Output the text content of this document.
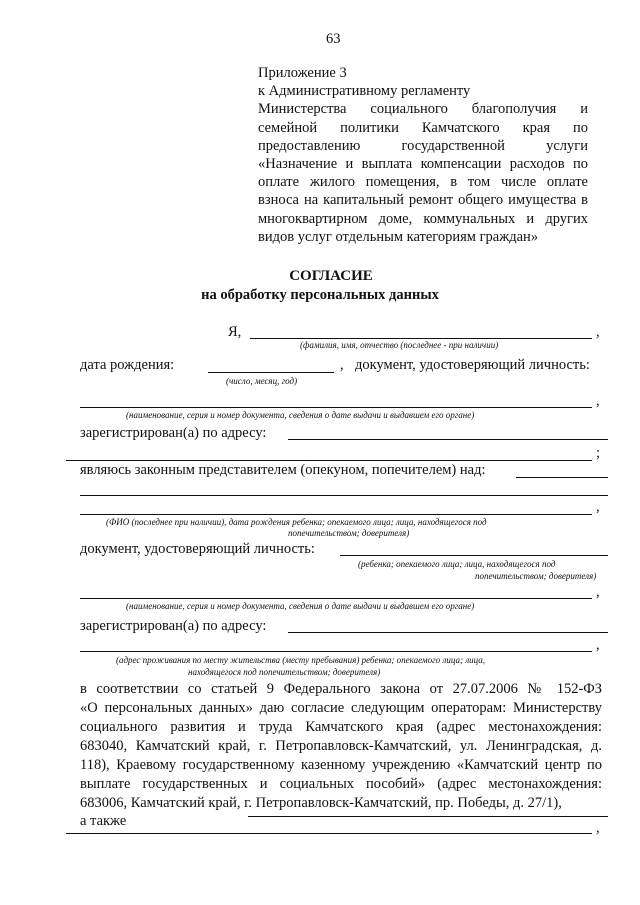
63
Приложение 3
к Административному регламенту
Министерства социального благополучия и
семейной политики Камчатского края по
предоставлению государственной услуги
«Назначение и выплата компенсации расходов по
оплате жилого помещения, в том числе оплате
взноса на капитальный ремонт общего имущества в
многоквартирном доме, коммунальных и других
видов услуг отдельным категориям граждан»
СОГЛАСИЕ
на обработку персональных данных
Я,	,
(фамилия, имя, отчество (последнее - при наличии)
дата рождения:	, документ, удостоверяющий личность:
(число, месяц, год)
,
(наименование, серия и номер документа, сведения о дате выдачи и выдавшем его органе)
зарегистрирован(а) по адресу:
;
являюсь законным представителем (опекуном, попечителем) над:
,
(ФИО (последнее при наличии), дата рождения ребенка; опекаемого лица; лица, находящегося под
попечительством; доверителя)
документ, удостоверяющий личность:
(ребенка; опекаемого лица; лица, находящегося под
попечительством; доверителя)
,
(наименование, серия и номер документа, сведения о дате выдачи и выдавшем его органе)
зарегистрирован(а) по адресу:
,
(адрес проживания по месту жительства (месту пребывания) ребенка; опекаемого лица; лица,
находящегося под попечительством; доверителя)
в соответствии со статьей 9 Федерального закона от 27.07.2006 № 152-ФЗ
«О персональных данных» даю согласие следующим операторам: Министерству
социального развития и труда Камчатского края (адрес местонахождения:
683040, Камчатский край, г. Петропавловск-Камчатский, ул. Ленинградская, д.
118), Краевому государственному казенному учреждению «Камчатский центр по
выплате государственных и социальных пособий» (адрес местонахождения:
683006, Камчатский край, г. Петропавловск-Камчатский, пр. Победы, д. 27/1),
а также	,
